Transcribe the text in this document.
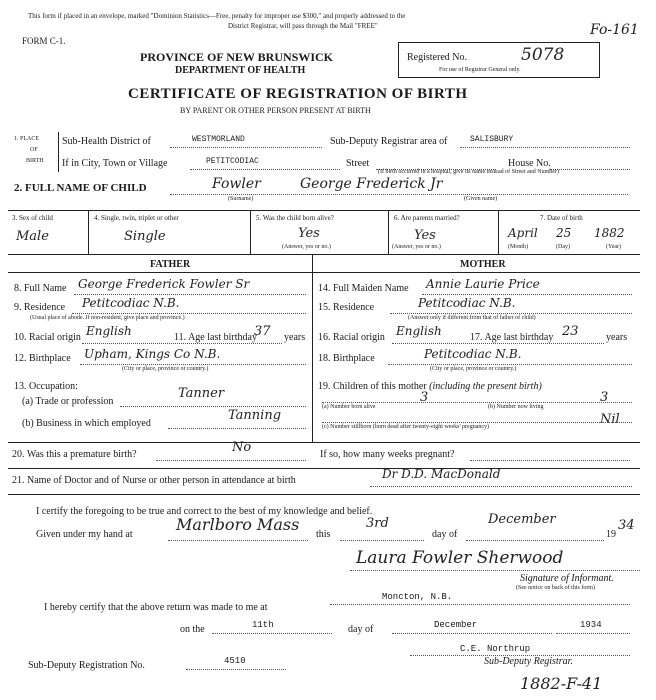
This form if placed in an envelope, marked "Dominion Statistics—Free, penalty for improper use $300," and properly addressed to the
District Registrar, will pass through the Mail "FREE"	Fo-161
FORM C-1.
PROVINCE OF NEW BRUNSWICK
DEPARTMENT OF HEALTH
CERTIFICATE OF REGISTRATION OF BIRTH
BY PARENT OR OTHER PERSON PRESENT AT BIRTH
Registered No.	5078
For use of Registrar General only.
1. PLACE
OF
BIRTH
Sub-Health District of	WESTMORLAND	Sub-Deputy Registrar area of	SALISBURY
If in City, Town or Village	PETITCODIAC	Street	House No.
(If birth occurred in a hospital, give its name instead of Street and Number)
2. FULL NAME OF CHILD	Fowler	George Frederick Jr
(Surname)	(Given name)
3. Sex of child
Male
4. Single, twin, triplet or other
Single
5. Was the child born alive?
Yes
(Answer, yes or no.)
6. Are parents married?
Yes
(Answer, yes or no.)
7. Date of birth
April 25 1882
(Month)	(Day)	(Year)
FATHER	MOTHER
8. Full Name George Frederick Fowler Sr
9. Residence Petitcodiac N.B.
(Usual place of abode. If non-resident, give place and province.)
10. Racial origin English	11. Age last birthday
37 years
12. Birthplace Upham, Kings Co N.B.
(City or place, province or country.)
13. Occupation:
(a) Trade or profession
Tanner
(b) Business in which employed
Tanning
14. Full Maiden Name Annie Laurie Price
15. Residence	Petitcodiac N.B.
(Answer only if different from that of father of child)
16. Racial origin English	17. Age last birthday 23	years
18. Birthplace	Petitcodiac N.B.
(City or place, province or country.)
19. Children of this mother (including the present birth)
3	3
(a) Number born alive	(b) Number now living
(c) Number stillborn (born dead after twenty-eight weeks' pregnancy)	Nil
20. Was this a premature birth?	No	If so, how many weeks pregnant?
21. Name of Doctor and of Nurse or other person in attendance at birth	Dr D.D. MacDonald
I certify the foregoing to be true and correct to the best of my knowledge and belief.
Given under my hand at
Marlboro Mass
this
3rd
day of
December
19
34
Laura Fowler Sherwood
Signature of Informant.
(See notice on back of this form)
I hereby certify that the above return was made to me at
Moncton, N.B.
on the	11th	day of	December	1934
C.E. Northrup
Sub-Deputy Registrar.
Sub-Deputy Registration No.	4510
1882-F-41
